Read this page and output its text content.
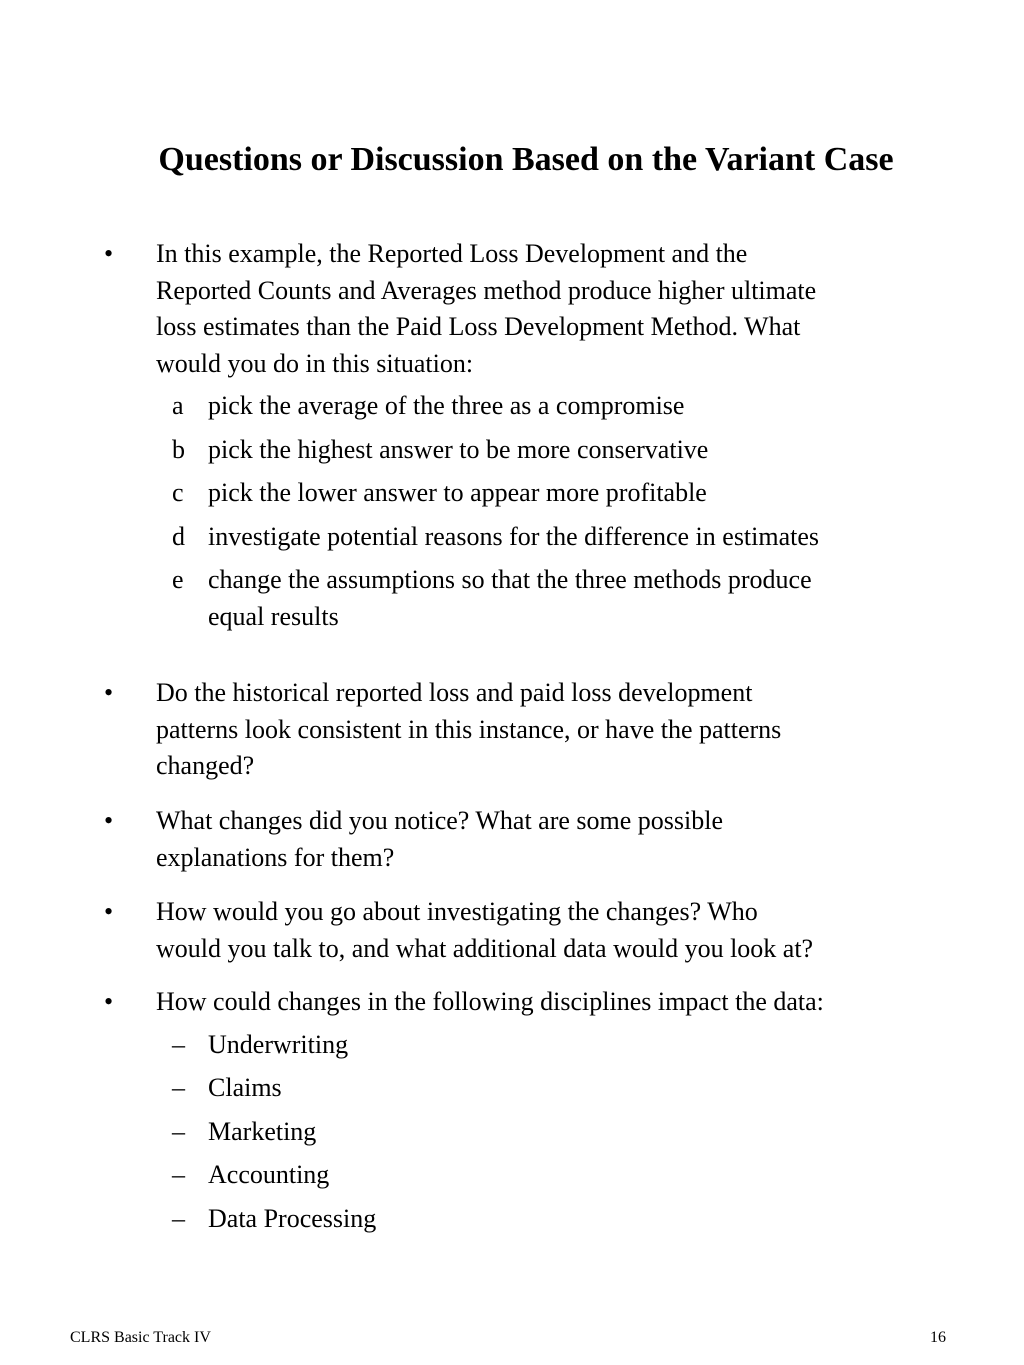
Questions or Discussion Based on the Variant Case
• In this example, the Reported Loss Development and the

Reported Counts and Averages method produce higher ultimate

loss estimates than the Paid Loss Development Method. What

would you do in this situation:

a pick the average of the three as a compromise
b pick the highest answer to be more conservative
c pick the lower answer to appear more profitable
d investigate potential reasons for the difference in estimates
e change the assumptions so that the three methods produce
equal results
• Do the historical reported loss and paid loss development

patterns look consistent in this instance, or have the patterns

changed?

• What changes did you notice? What are some possible

explanations for them?

• How would you go about investigating the changes? Who

would you talk to, and what additional data would you look at?

• How could changes in the following disciplines impact the data:

– Underwriting
– Claims
– Marketing
– Accounting
– Data Processing
CLRS Basic Track IV	16
